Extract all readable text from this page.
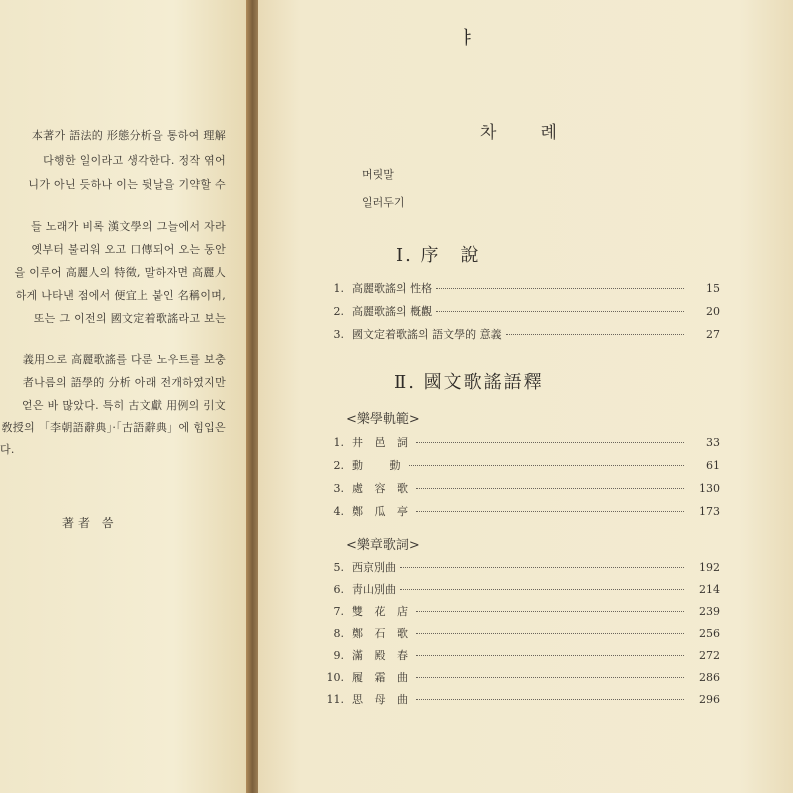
本著가 語法的 形態分析을 통하여 理解
다행한 일이라고 생각한다. 정작 엮어
니가 아닌 듯하나 이는 뒷날을 기약할 수
들 노래가 비록 漢文學의 그늘에서 자라
옛부터 불리워 오고 口傳되어 오는 동안
을 이루어 高麗人의 特徵, 말하자면 高麗人
하게 나타낸 점에서 便宜上 붙인 名稱이며,
또는 그 이전의 國文定着歌謠라고 보는
義用으로 高麗歌謠를 다룬 노우트를 보충
者나름의 語學的 分析 아래 전개하였지만
얻은 바 많았다. 특히 古文獻 用例의 引文
敎授의 「李朝語辭典」·「古語辭典」에 힘입은
다.
著者 씀
ㅑ
차	례
머릿말
일러두기
Ⅰ. 序　說
1. 高麗歌謠의 性格	15
2. 高麗歌謠의 槪觀	20
3. 國文定着歌謠의 語文學的 意義	27
Ⅱ. 國文歌謠語釋
<樂學軌範>
1. 井 邑 詞	33
2. 動　 動	61
3. 處 容 歌	130
4. 鄭 瓜 亭	173
<樂章歌詞>
5. 西京別曲	192
6. 靑山別曲	214
7. 雙 花 店	239
8. 鄭 石 歌	256
9. 滿 殿 春	272
10. 履 霜 曲	286
11. 思 母 曲	296
